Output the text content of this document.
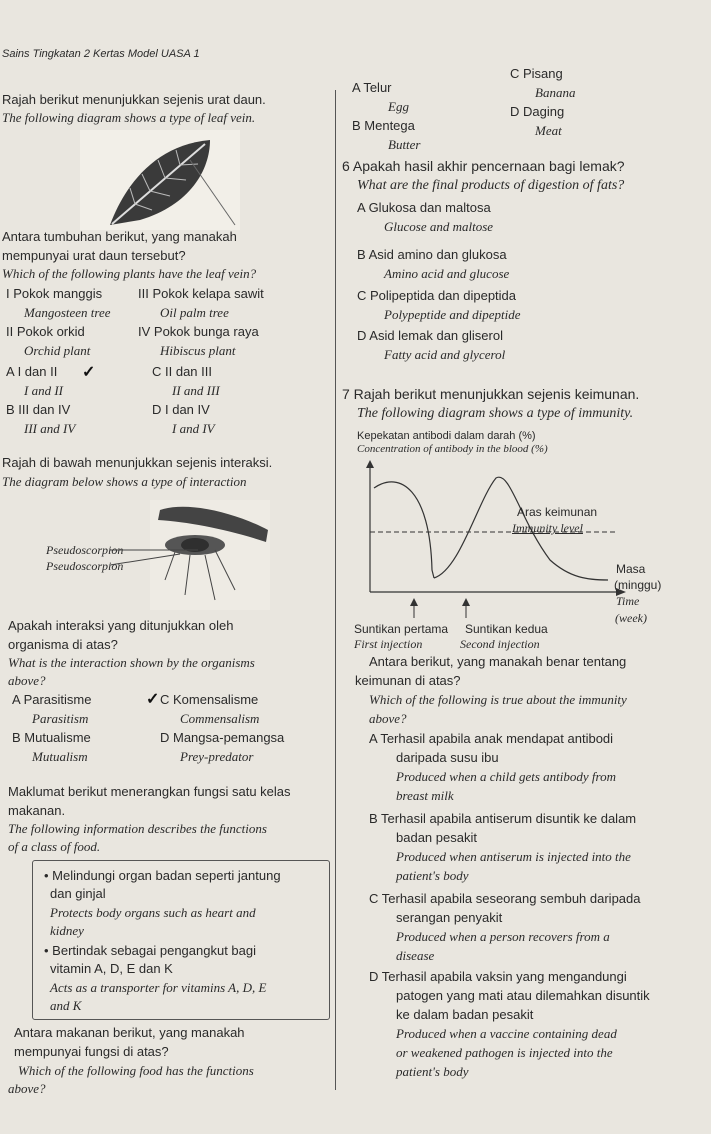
Sains Tingkatan 2 Kertas Model UASA 1
Rajah berikut menunjukkan sejenis urat daun.
The following diagram shows a type of leaf vein.
Antara tumbuhan berikut, yang manakah
mempunyai urat daun tersebut?
Which of the following plants have the leaf vein?
I Pokok manggis
Mangosteen tree
III Pokok kelapa sawit
Oil palm tree
II Pokok orkid
Orchid plant
IV Pokok bunga raya
Hibiscus plant
A I dan II ✓
I and II
C II dan III
II and III
B III dan IV
III and IV
D I dan IV
I and IV
Rajah di bawah menunjukkan sejenis interaksi.
The diagram below shows a type of interaction
Pseudoscorpion
Pseudoscorpion
Apakah interaksi yang ditunjukkan oleh
organisma di atas?
What is the interaction shown by the organisms
above?
A Parasitisme
Parasitism
✓ C Komensalisme
Commensalism
B Mutualisme
Mutualism
D Mangsa-pemangsa
Prey-predator
Maklumat berikut menerangkan fungsi satu kelas
makanan.
The following information describes the functions
of a class of food.
• Melindungi organ badan seperti jantung
dan ginjal
Protects body organs such as heart and
kidney
• Bertindak sebagai pengangkut bagi
vitamin A, D, E dan K
Acts as a transporter for vitamins A, D, E
and K
Antara makanan berikut, yang manakah
mempunyai fungsi di atas?
Which of the following food has the functions
above?
A Telur
Egg
C Pisang
Banana
B Mentega
Butter
D Daging
Meat
6 Apakah hasil akhir pencernaan bagi lemak?
What are the final products of digestion of fats?
A Glukosa dan maltosa
Glucose and maltose
B Asid amino dan glukosa
Amino acid and glucose
C Polipeptida dan dipeptida
Polypeptide and dipeptide
D Asid lemak dan gliserol
Fatty acid and glycerol
7 Rajah berikut menunjukkan sejenis keimunan.
The following diagram shows a type of immunity.
Kepekatan antibodi dalam darah (%)
Concentration of antibody in the blood (%)
Aras keimunan
Immunity level
Masa
(minggu)
Time
(week)
Suntikan pertama
First injection
Suntikan kedua
Second injection
Antara berikut, yang manakah benar tentang
keimunan di atas?
Which of the following is true about the immunity
above?
A Terhasil apabila anak mendapat antibodi
daripada susu ibu
Produced when a child gets antibody from
breast milk
B Terhasil apabila antiserum disuntik ke dalam
badan pesakit
Produced when antiserum is injected into the
patient's body
C Terhasil apabila seseorang sembuh daripada
serangan penyakit
Produced when a person recovers from a
disease
D Terhasil apabila vaksin yang mengandungi
patogen yang mati atau dilemahkan disuntik
ke dalam badan pesakit
Produced when a vaccine containing dead
or weakened pathogen is injected into the
patient's body
